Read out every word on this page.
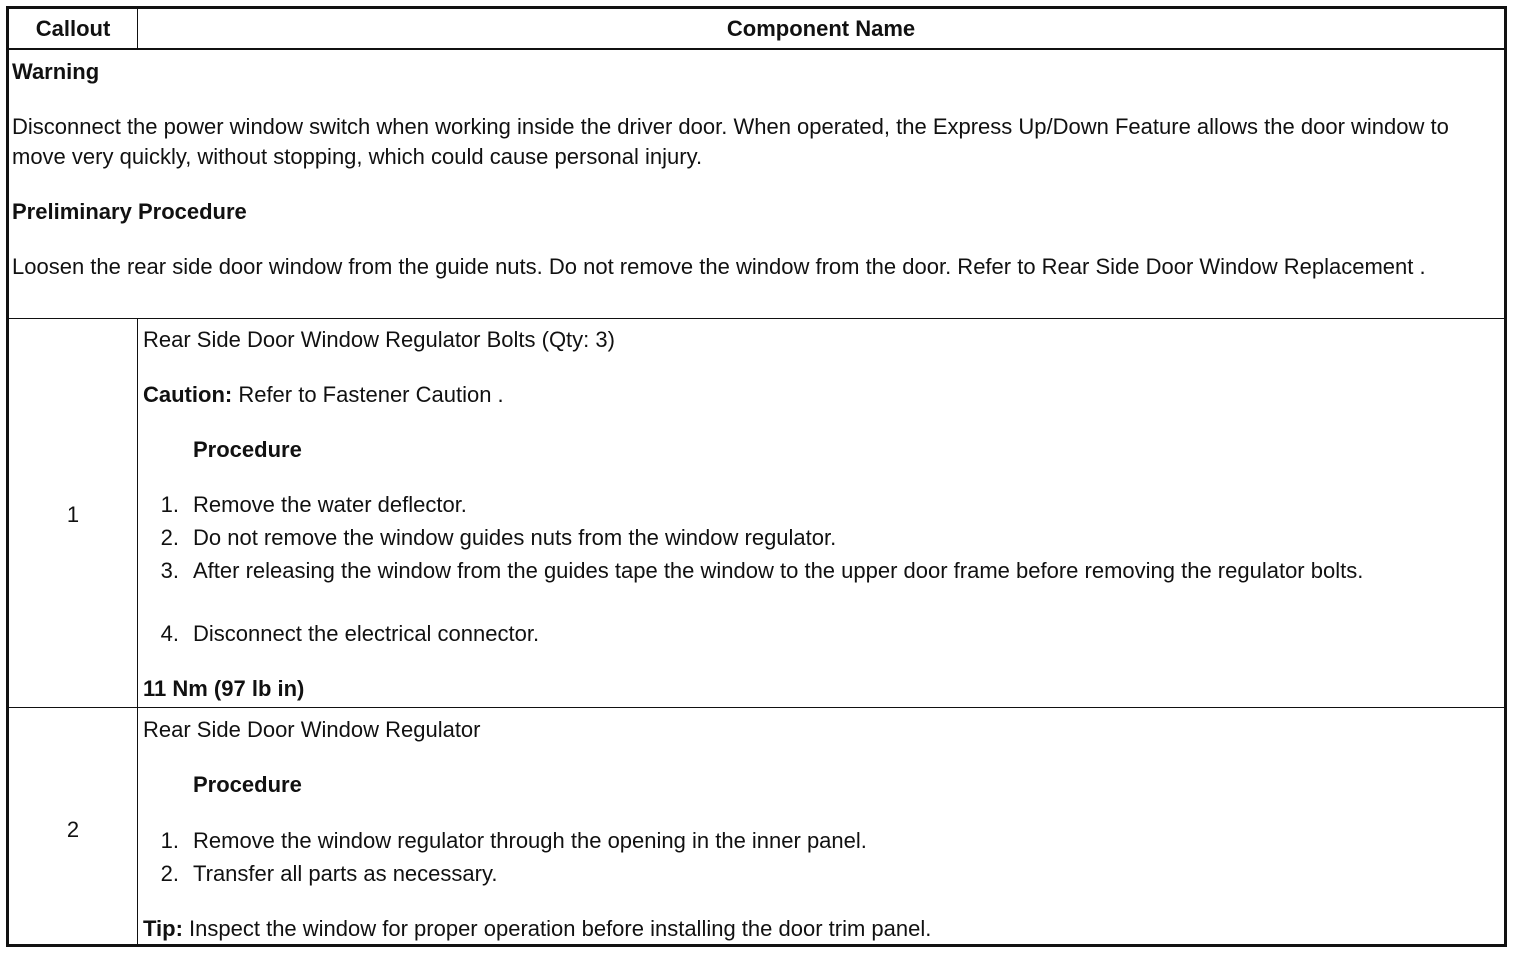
Callout	Component Name
Warning
Disconnect the power window switch when working inside the driver door. When operated, the Express Up/Down Feature allows the door window to move very quickly, without stopping, which could cause personal injury.
Preliminary Procedure
Loosen the rear side door window from the guide nuts. Do not remove the window from the door. Refer to Rear Side Door Window Replacement .
1
Rear Side Door Window Regulator Bolts (Qty: 3)
Caution: Refer to Fastener Caution .
Procedure
1. Remove the water deflector.
2. Do not remove the window guides nuts from the window regulator.
3. After releasing the window from the guides tape the window to the upper door frame before removing the regulator bolts.
4. Disconnect the electrical connector.
11 Nm (97 lb in)
2
Rear Side Door Window Regulator
Procedure
1. Remove the window regulator through the opening in the inner panel.
2. Transfer all parts as necessary.
Tip: Inspect the window for proper operation before installing the door trim panel.
